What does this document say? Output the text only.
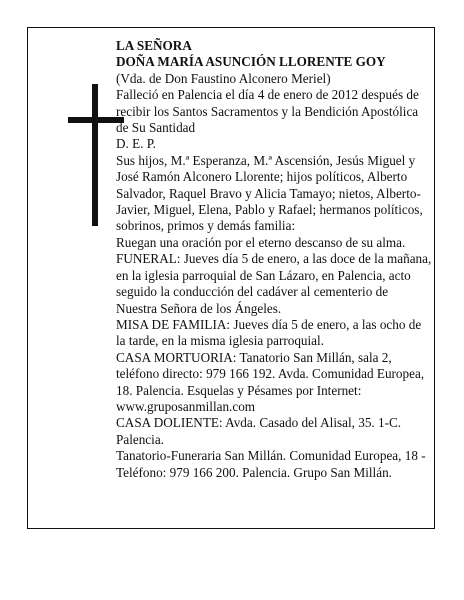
LA SEÑORA

DOÑA MARÍA ASUNCIÓN LLORENTE GOY

(Vda. de Don Faustino Alconero Meriel)

Falleció en Palencia el día 4 de enero de 2012 después de recibir los Santos Sacramentos y la Bendición Apostólica de Su Santidad

D. E. P.

Sus hijos, M.ª Esperanza, M.ª Ascensión, Jesús Miguel y José Ramón Alconero Llorente; hijos políticos, Alberto Salvador, Raquel Bravo y Alicia Tamayo; nietos, Alberto-Javier, Miguel, Elena, Pablo y Rafael; hermanos políticos, sobrinos, primos y demás familia:

Ruegan una oración por el eterno descanso de su alma.

FUNERAL: Jueves día 5 de enero, a las doce de la mañana, en la iglesia parroquial de San Lázaro, en Palencia, acto seguido la conducción del cadáver al cementerio de Nuestra Señora de los Ángeles.

MISA DE FAMILIA: Jueves día 5 de enero, a las ocho de la tarde, en la misma iglesia parroquial.

CASA MORTUORIA: Tanatorio San Millán, sala 2, teléfono directo: 979 166 192. Avda. Comunidad Europea, 18. Palencia. Esquelas y Pésames por Internet: www.gruposanmillan.com

CASA DOLIENTE: Avda. Casado del Alisal, 35. 1-C. Palencia.

Tanatorio-Funeraria San Millán. Comunidad Europea, 18 - Teléfono: 979 166 200. Palencia. Grupo San Millán.
